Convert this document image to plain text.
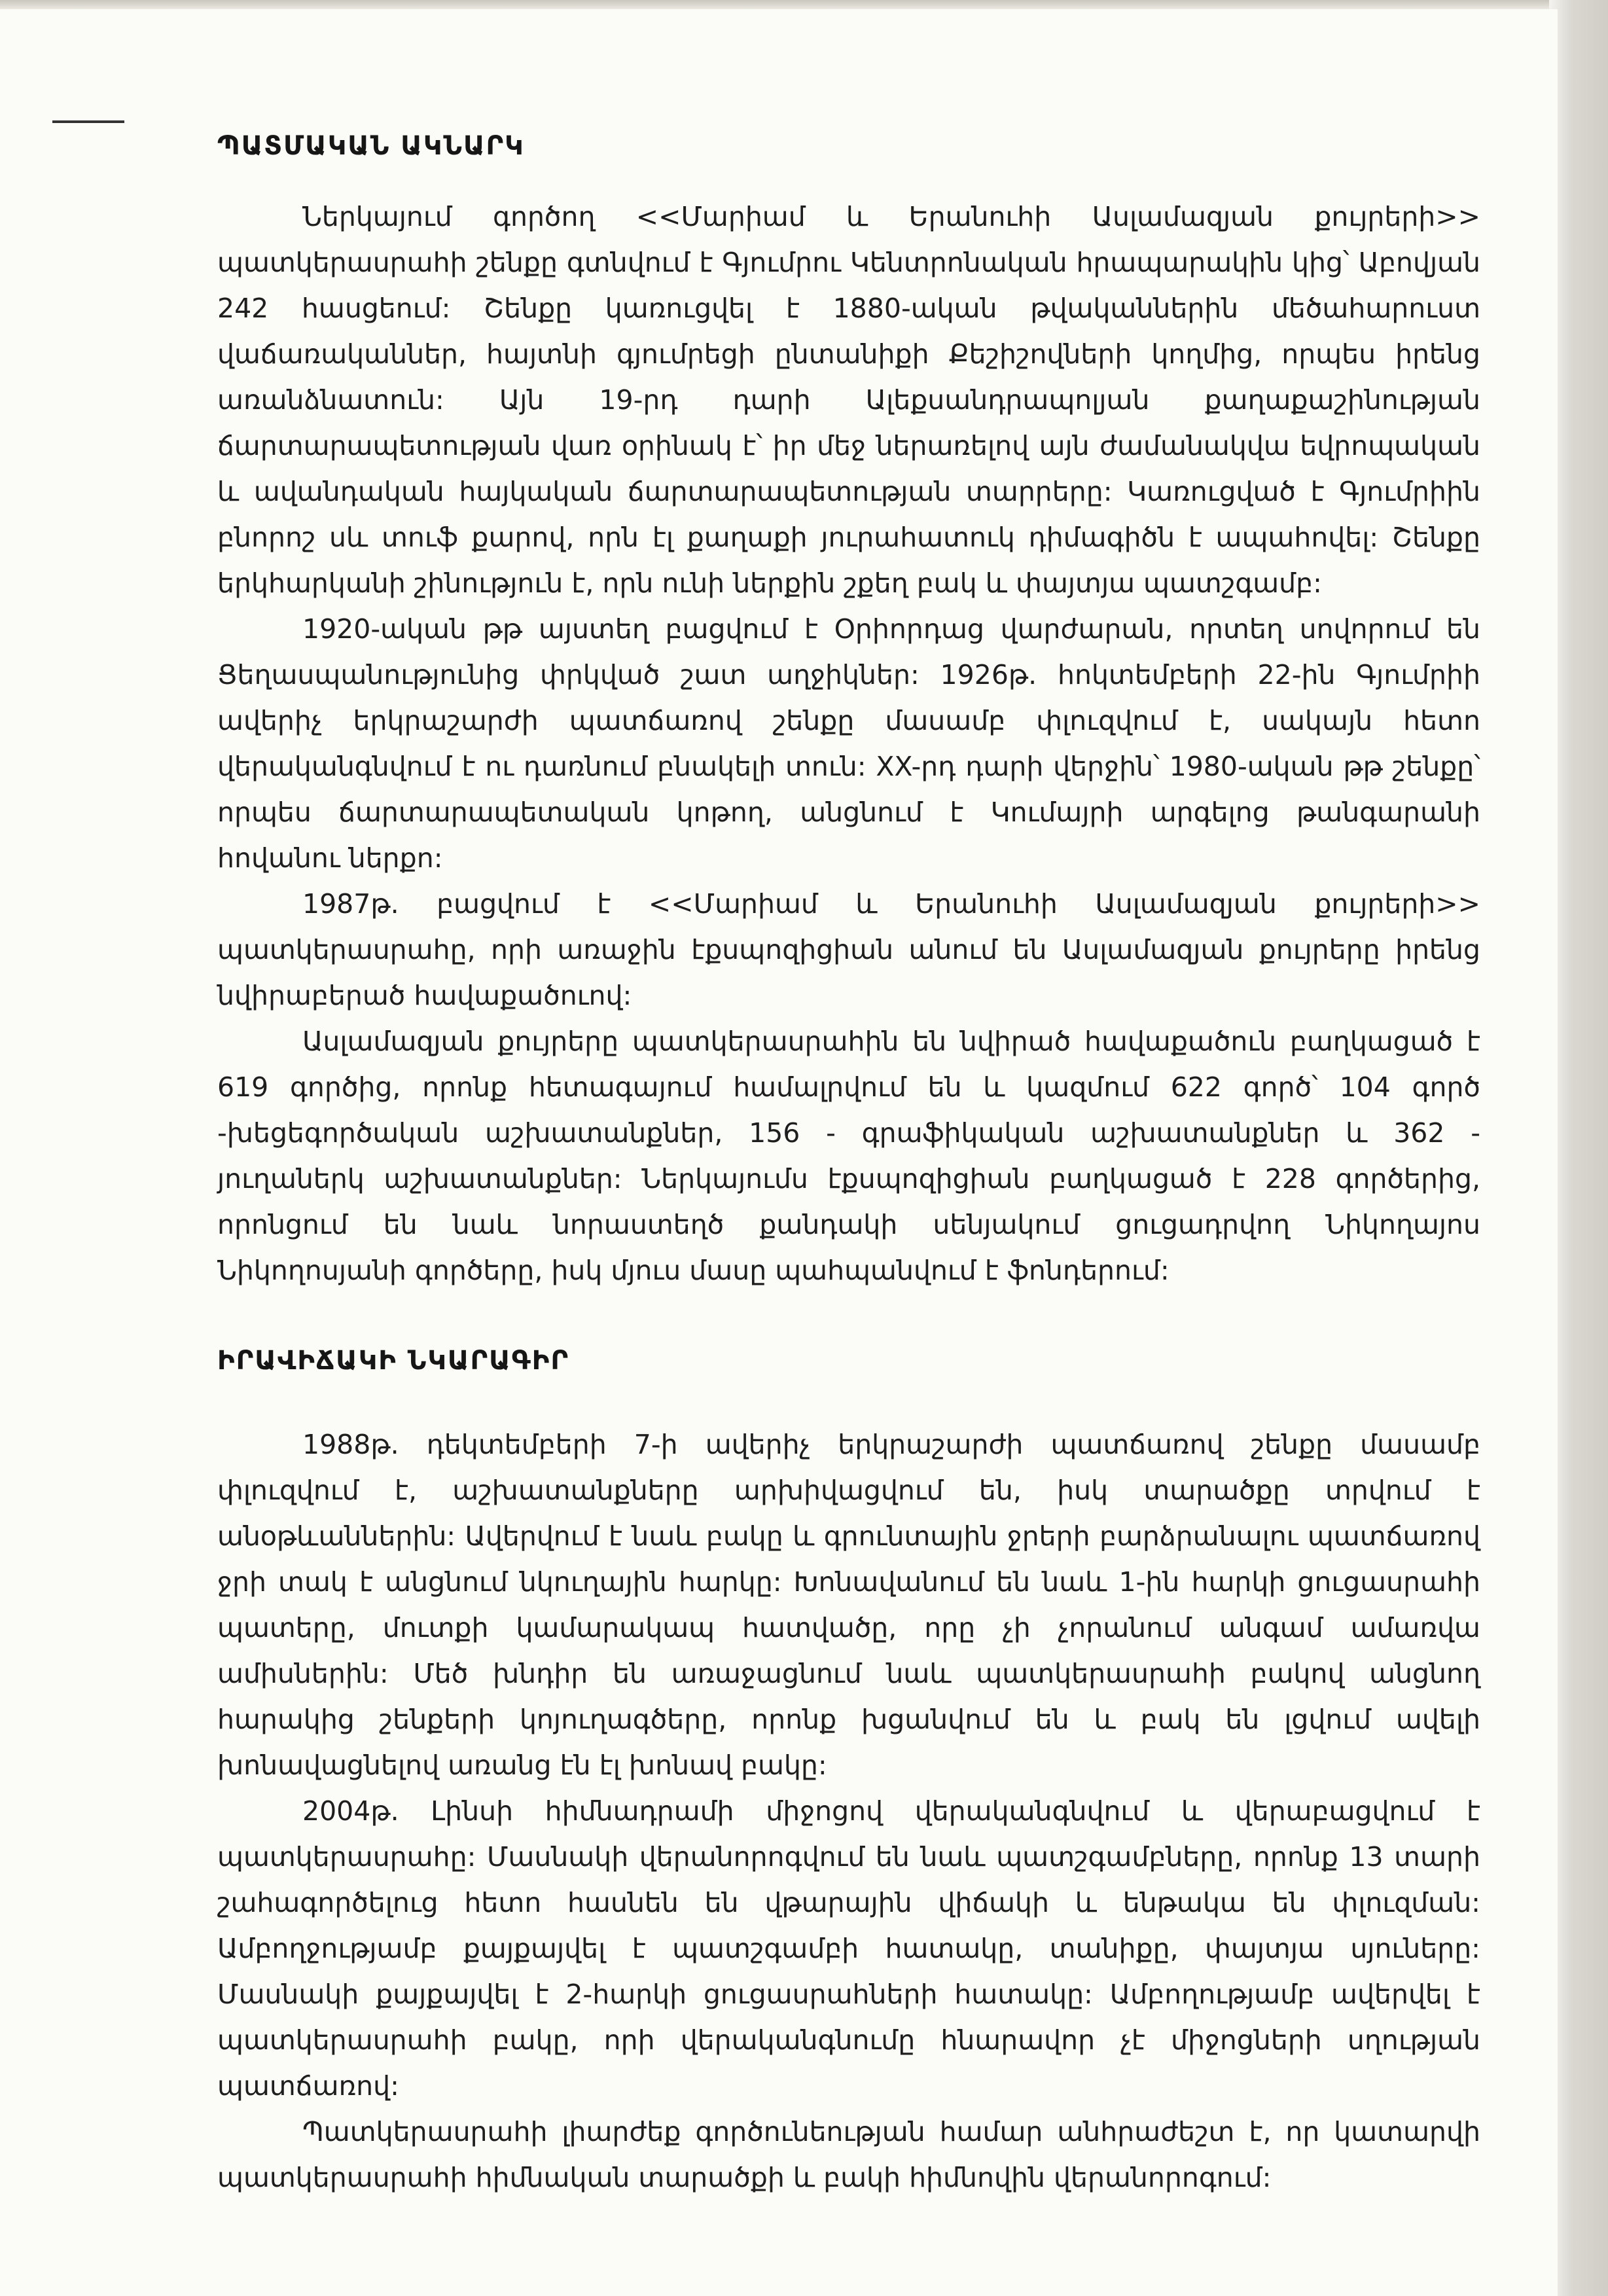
ՊԱՏՄԱԿԱՆ ԱԿՆԱՐԿ

Ներկայում գործող <<Մարիամ և Երանուհի Ասլամազյան քույրերի>> պատկերասրահի շենքը գտնվում է Գյումրու Կենտրոնական հրապարակին կից՝ Աբովյան 242 հասցեում: Շենքը կառուցվել է 1880-ական թվականներին մեծահարուստ վաճառականներ, հայտնի գյումրեցի ընտանիքի Քեշիշովների կողմից, որպես իրենց առանձնատուն: Այն 19-րդ դարի Ալեքսանդրապոլյան քաղաքաշինության ճարտարապետության վառ օրինակ է՝ իր մեջ ներառելով այն ժամանակվա եվրոպական և ավանդական հայկական ճարտարապետության տարրերը: Կառուցված է Գյումրիին բնորոշ սև տուֆ քարով, որն էլ քաղաքի յուրահատուկ դիմագիծն է ապահովել: Շենքը երկհարկանի շինություն է, որն ունի ներքին շքեղ բակ և փայտյա պատշգամբ:

1920-ական թթ այստեղ բացվում է Օրիորդաց վարժարան, որտեղ սովորում են Ցեղասպանությունից փրկված շատ աղջիկներ: 1926թ. հոկտեմբերի 22-ին Գյումրիի ավերիչ երկրաշարժի պատճառով շենքը մասամբ փլուզվում է, սակայն հետո վերականգնվում է ու դառնում բնակելի տուն: XX-րդ դարի վերջին՝ 1980-ական թթ շենքը՝ որպես ճարտարապետական կոթող, անցնում է Կումայրի արգելոց թանգարանի հովանու ներքո:

1987թ. բացվում է <<Մարիամ և Երանուհի Ասլամազյան քույրերի>> պատկերասրահը, որի առաջին էքսպոզիցիան անում են Ասլամազյան քույրերը իրենց նվիրաբերած հավաքածուով:

Ասլամազյան քույրերը պատկերասրահին են նվիրած հավաքածուն բաղկացած է 619 գործից, որոնք հետագայում համալրվում են և կազմում 622 գործ՝ 104 գործ -խեցեգործական աշխատանքներ, 156 - գրաֆիկական աշխատանքներ և 362 - յուղաներկ աշխատանքներ: Ներկայումս էքսպոզիցիան բաղկացած է 228 գործերից, որոնցում են նաև նորաստեղծ քանդակի սենյակում ցուցադրվող Նիկողայոս Նիկողոսյանի գործերը, իսկ մյուս մասը պահպանվում է ֆոնդերում:

ԻՐԱՎԻՃԱԿԻ ՆԿԱՐԱԳԻՐ

1988թ. դեկտեմբերի 7-ի ավերիչ երկրաշարժի պատճառով շենքը մասամբ փլուզվում է, աշխատանքները արխիվացվում են, իսկ տարածքը տրվում է անօթևաններին: Ավերվում է նաև բակը և գրունտային ջրերի բարձրանալու պատճառով ջրի տակ է անցնում նկուղային հարկը: Խոնավանում են նաև 1-ին հարկի ցուցասրահի պատերը, մուտքի կամարակապ հատվածը, որը չի չորանում անգամ ամառվա ամիսներին: Մեծ խնդիր են առաջացնում նաև պատկերասրահի բակով անցնող հարակից շենքերի կոյուղագծերը, որոնք խցանվում են և բակ են լցվում ավելի խոնավացնելով առանց էն էլ խոնավ բակը:

2004թ. Լինսի հիմնադրամի միջոցով վերականգնվում և վերաբացվում է պատկերասրահը: Մասնակի վերանորոգվում են նաև պատշգամբները, որոնք 13 տարի շահագործելուց հետո հասնեն են վթարային վիճակի և ենթակա են փլուզման: Ամբողջությամբ քայքայվել է պատշգամբի հատակը, տանիքը, փայտյա սյուները: Մասնակի քայքայվել է 2-հարկի ցուցասրահների հատակը: Ամբողությամբ ավերվել է պատկերասրահի բակը, որի վերականգնումը հնարավոր չէ միջոցների սղության պատճառով:

Պատկերասրահի լիարժեք գործունեության համար անհրաժեշտ է, որ կատարվի պատկերասրահի հիմնական տարածքի և բակի հիմնովին վերանորոգում:
